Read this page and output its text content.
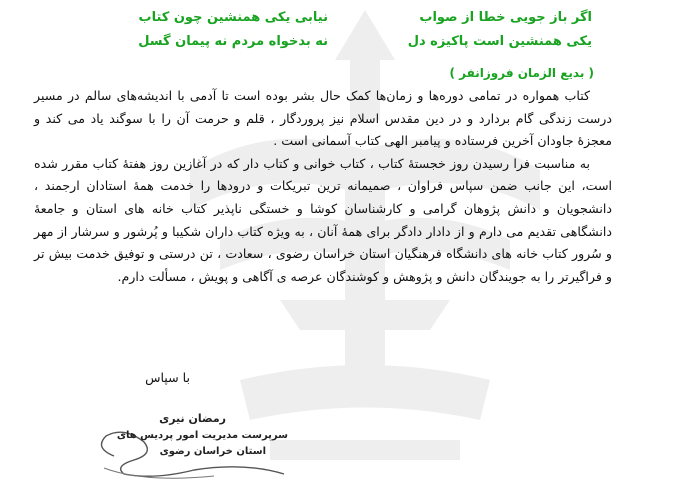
اگر باز جویی خطا از صواب
یکی همنشین است پاکیزه دل
نیابی یکی همنشین چون کتاب
نه بدخواه مردم نه پیمان گسل
( بدیع الزمان فروزانفر )

کتاب همواره در تمامی دوره‌ها و زمان‌ها کمک حال بشر بوده است تا آدمی با اندیشه‌های سالم در مسیر درست زندگی گام بردارد و در دین مقدس اسلام نیز پروردگار ، قلم و حرمت آن را با سوگند یاد می کند و معجزهٔ جاودان آخرین فرستاده و پیامبر الهی کتاب آسمانی است .

به مناسبت فرا رسیدن روز خجستهٔ کتاب ، کتاب خوانی و کتاب دار که در آغازین روز هفتهٔ کتاب مقرر شده است، این جانب ضمن سپاس فراوان ، صمیمانه ترین تبریکات و درودها را خدمت همهٔ استادان ارجمند ، دانشجویان و دانش پژوهان گرامی و کارشناسان کوشا و خستگی ناپذیر کتاب خانه های استان و جامعهٔ دانشگاهی تقدیم می دارم و از دادار دادگر برای همهٔ آنان ، به ویژه کتاب داران شکیبا و پُرشور و سرشار از مهر و سُرور کتاب خانه های دانشگاه فرهنگیان استان خراسان رضوی ، سعادت ، تن درستی و توفیق خدمت بیش تر و فراگیرتر را به جویندگان دانش و پژوهش و کوشندگان عرصه ی آگاهی و پویش ، مسألت دارم.

با سپاس
رمضان نیری
سرپرست مدیریت امور پردیس های
استان خراسان رضوی
